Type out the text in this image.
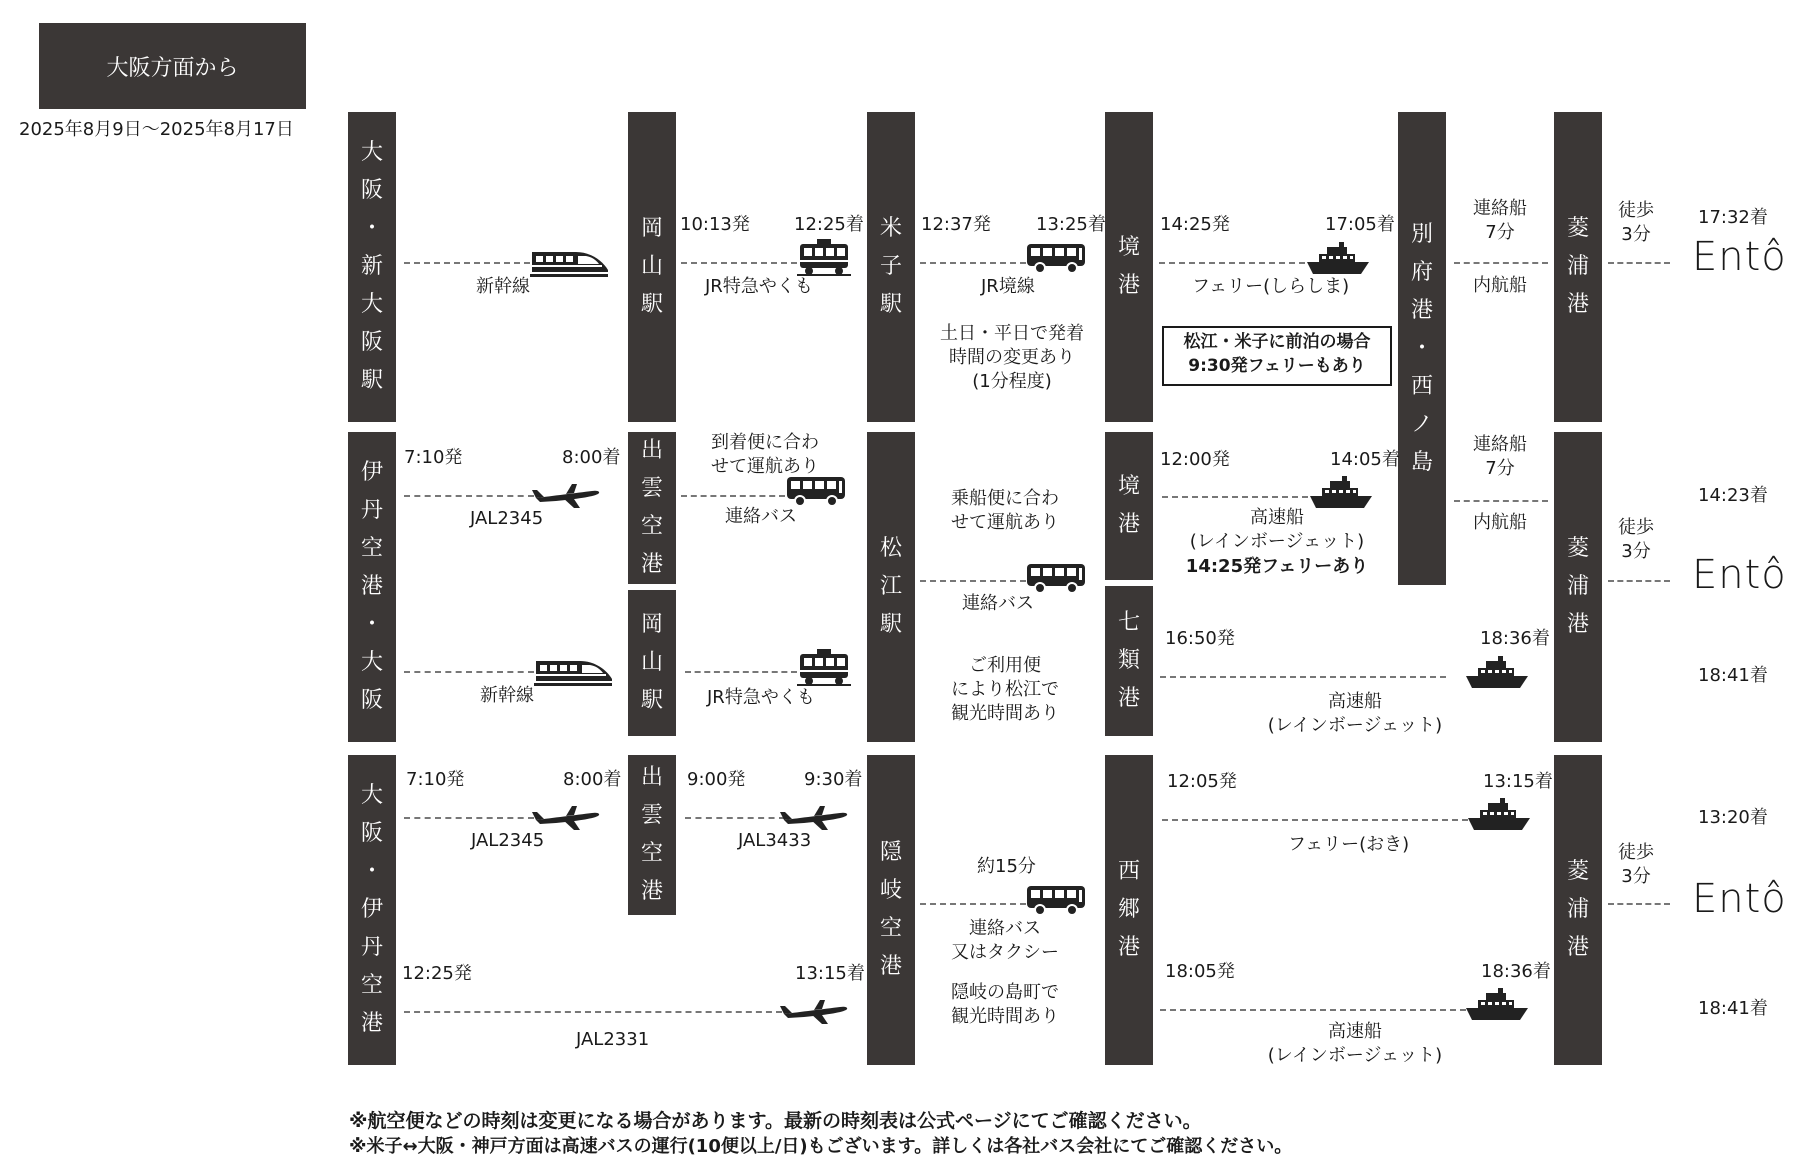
大阪方面から
2025年8月9日〜2025年8月17日
大
阪
・
新
大
阪
駅
伊
丹
空
港
・
大
阪
大
阪
・
伊
丹
空
港
岡
山
駅
出
雲
空
港
岡
山
駅
出
雲
空
港
米
子
駅
松
江
駅
隠
岐
空
港
境
港
境
港
七
類
港
西
郷
港
別
府
港
・
西
ノ
島
菱
浦
港
菱
浦
港
菱
浦
港
新幹線
10:13発 12:25着
JR特急やくも
12:37発	13:25着
JR境線
土日・平日で発着
時間の変更あり
(1分程度)
14:25発	17:05着
フェリー(しらしま)
松江・米子に前泊の場合
9:30発フェリーもあり
連絡船
7分
内航船
徒歩
3分
17:32着
Entô
7:10発	8:00着
JAL2345
到着便に合わ
せて運航あり
連絡バス
新幹線	JR特急やくも
乗船便に合わ
せて運航あり
連絡バス
ご利用便
により松江で
観光時間あり
12:00発	14:05着
高速船
(レインボージェット)
14:25発フェリーあり
連絡船
7分
内航船
14:23着
徒歩
3分
Entô
16:50発	18:36着
高速船
(レインボージェット)
18:41着
7:10発	8:00着
JAL2345
9:00発	9:30着
JAL3433
12:25発	13:15着
JAL2331
約15分
連絡バス
又はタクシー
隠岐の島町で
観光時間あり
12:05発	13:15着
フェリー(おき)
18:05発	18:36着
高速船
(レインボージェット)
13:20着
徒歩
3分	Entô
18:41着
※航空便などの時刻は変更になる場合があります。最新の時刻表は公式ページにてご確認ください。
※米子↔大阪・神戸方面は高速バスの運行(10便以上/日)もございます。詳しくは各社バス会社にてご確認ください。
